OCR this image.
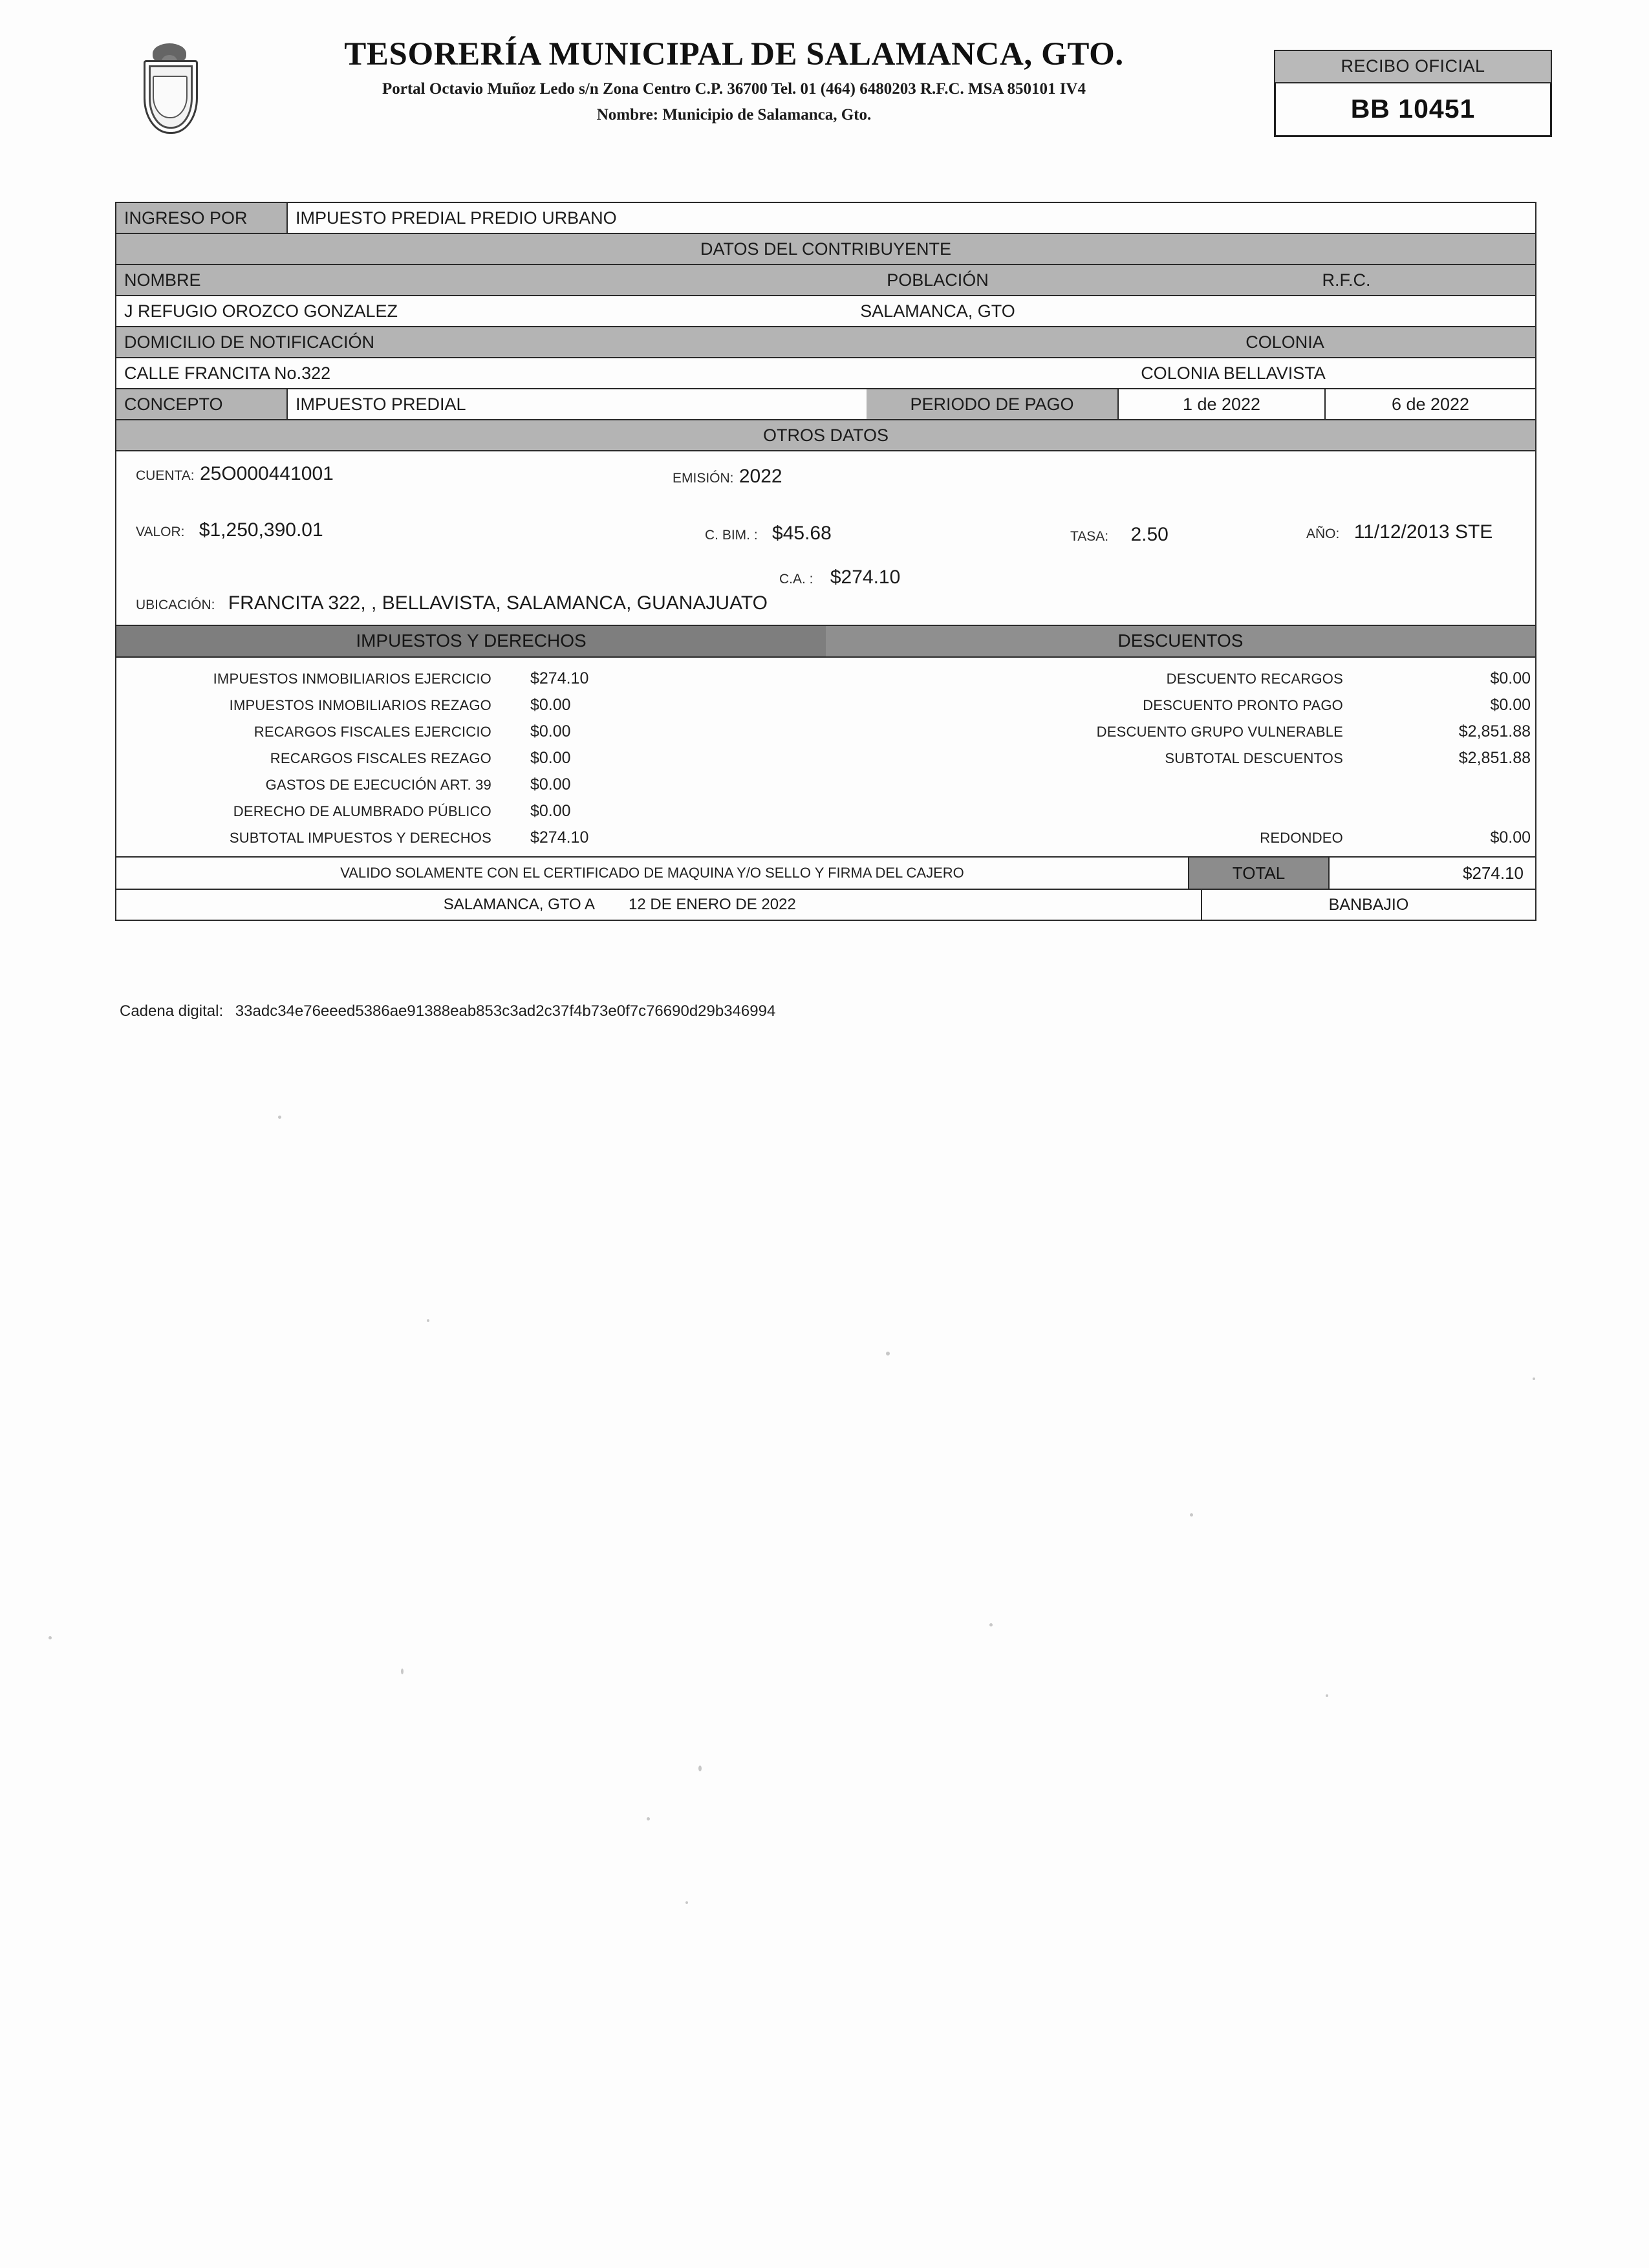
TESORERÍA MUNICIPAL DE SALAMANCA, GTO.
Portal Octavio Muñoz Ledo s/n Zona Centro C.P. 36700 Tel. 01 (464) 6480203 R.F.C. MSA 850101 IV4
Nombre: Municipio de Salamanca, Gto.
RECIBO OFICIAL
BB 10451
INGRESO POR	IMPUESTO PREDIAL PREDIO URBANO
DATOS DEL CONTRIBUYENTE
NOMBRE	POBLACIÓN	R.F.C.
J REFUGIO OROZCO GONZALEZ	SALAMANCA, GTO
DOMICILIO DE NOTIFICACIÓN	COLONIA
CALLE FRANCITA No.322	COLONIA BELLAVISTA
CONCEPTO	IMPUESTO PREDIAL	PERIODO DE PAGO	1 de 2022	6 de 2022
OTROS DATOS
CUENTA: 25O000441001	EMISIÓN: 2022
VALOR: $1,250,390.01	C. BIM. : $45.68	TASA: 2.50	AÑO: 11/12/2013 STE
C.A. : $274.10
UBICACIÓN: FRANCITA 322, , BELLAVISTA, SALAMANCA, GUANAJUATO
IMPUESTOS Y DERECHOS	DESCUENTOS
IMPUESTOS INMOBILIARIOS EJERCICIO	$274.10
IMPUESTOS INMOBILIARIOS REZAGO	$0.00
RECARGOS FISCALES EJERCICIO	$0.00
RECARGOS FISCALES REZAGO	$0.00
GASTOS DE EJECUCIÓN ART. 39	$0.00
DERECHO DE ALUMBRADO PÚBLICO	$0.00
SUBTOTAL IMPUESTOS Y DERECHOS	$274.10
DESCUENTO RECARGOS	$0.00
DESCUENTO PRONTO PAGO	$0.00
DESCUENTO GRUPO VULNERABLE	$2,851.88
SUBTOTAL DESCUENTOS	$2,851.88
REDONDEO	$0.00
VALIDO SOLAMENTE CON EL CERTIFICADO DE MAQUINA Y/O SELLO Y FIRMA DEL CAJERO	TOTAL	$274.10
SALAMANCA, GTO A	12 DE ENERO DE 2022	BANBAJIO
Cadena digital: 33adc34e76eeed5386ae91388eab853c3ad2c37f4b73e0f7c76690d29b346994
